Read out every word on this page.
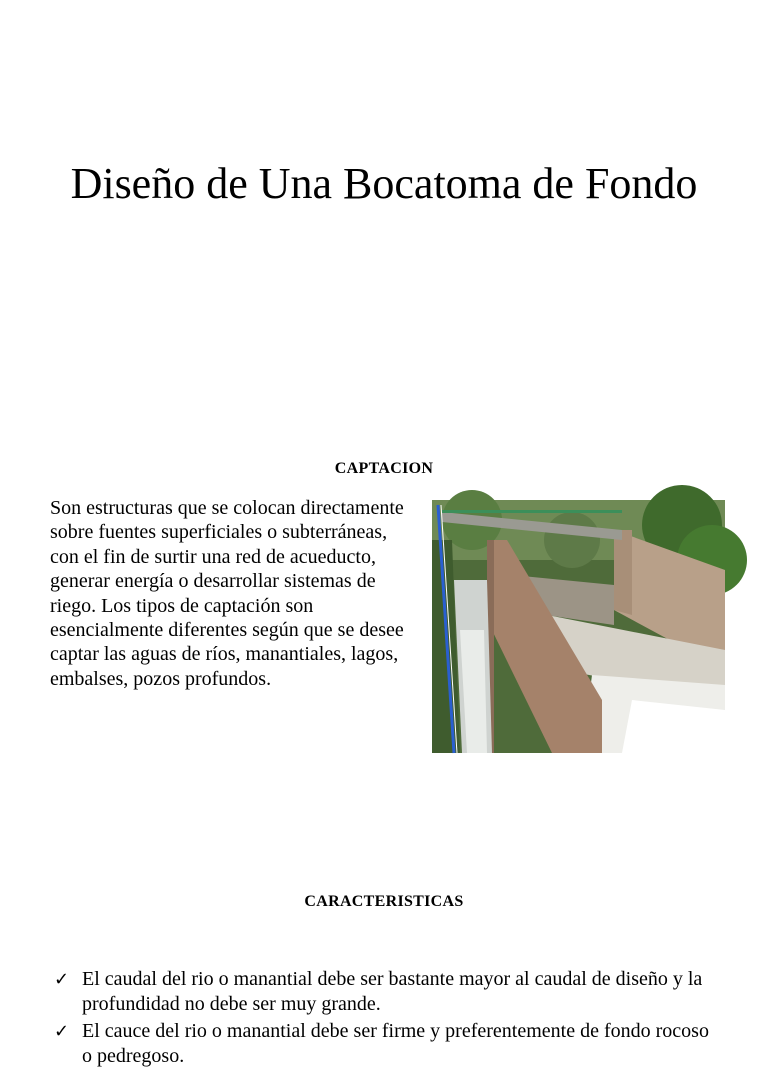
Diseño de Una Bocatoma de Fondo
CAPTACION

Son estructuras que se colocan directamente sobre fuentes superficiales o subterráneas, con el fin de surtir una red de acueducto, generar energía o desarrollar sistemas de riego. Los tipos de captación son esencialmente diferentes según que se desee captar las aguas de ríos, manantiales, lagos, embalses, pozos profundos.

CARACTERISTICAS
✓ El caudal del rio o manantial debe ser bastante mayor al caudal de diseño y la profundidad no debe ser muy grande.
✓ El cauce del rio o manantial debe ser firme y preferentemente de fondo rocoso o pedregoso.
